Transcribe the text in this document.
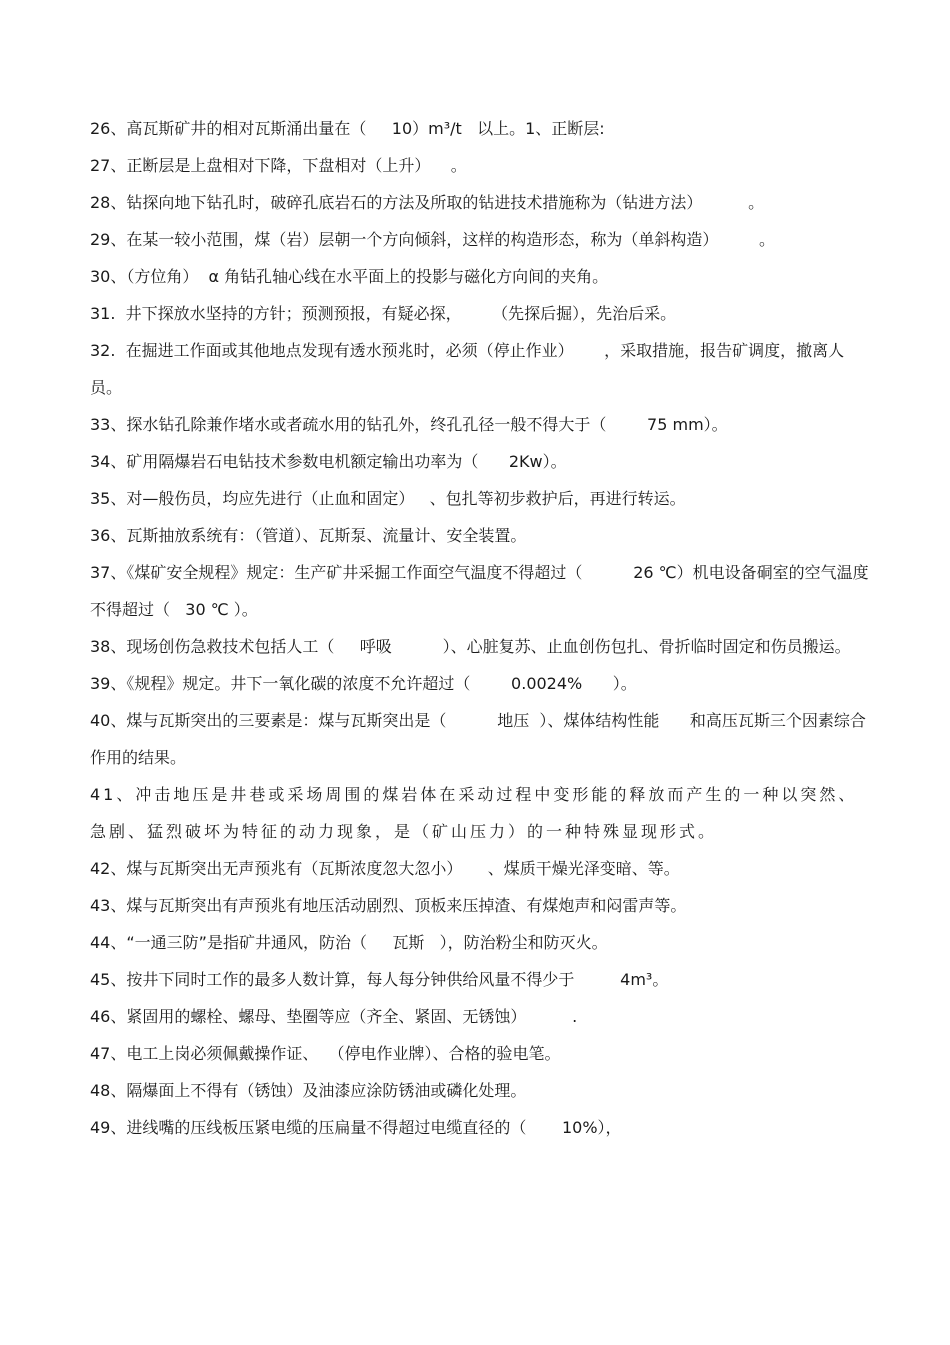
26、高瓦斯矿井的相对瓦斯涌出量在（     10）m³/t   以上。1、正断层:

27、正断层是上盘相对下降，下盘相对（上升）    。

28、钻探向地下钻孔时，破碎孔底岩石的方法及所取的钻进技术措施称为（钻进方法）         。

29、在某一较小范围，煤（岩）层朝一个方向倾斜，这样的构造形态，称为（单斜构造）        。

30、（方位角）  α 角钻孔轴心线在水平面上的投影与磁化方向间的夹角。

31.  井下探放水坚持的方针；预测预报，有疑必探，      （先探后掘），先治后采。

32.  在掘进工作面或其他地点发现有透水预兆时，必须（停止作业）      ，采取措施，报告矿调度，撤离人员。

33、探水钻孔除兼作堵水或者疏水用的钻孔外，终孔孔径一般不得大于（        75 mm）。

34、矿用隔爆岩石电钻技术参数电机额定输出功率为（      2Kw）。

35、对—般伤员，均应先进行（止血和固定）   、包扎等初步救护后，再进行转运。

36、瓦斯抽放系统有：（管道）、瓦斯泵、流量计、安全装置。

37、《煤矿安全规程》规定：生产矿井采掘工作面空气温度不得超过（          26 ℃）机电设备硐室的空气温度不得超过（   30 ℃ ）。

38、现场创伤急救技术包括人工（     呼吸          ）、心脏复苏、止血创伤包扎、骨折临时固定和伤员搬运。

39、《规程》规定。井下一氧化碳的浓度不允许超过（        0.0024%      ）。

40、煤与瓦斯突出的三要素是：煤与瓦斯突出是（          地压  ）、煤体结构性能      和高压瓦斯三个因素综合作用的结果。

41、冲击地压是井巷或采场周围的煤岩体在采动过程中变形能的释放而产生的一种以突然、急剧、猛烈破坏为特征的动力现象，是（矿山压力）的一种特殊显现形式。

42、煤与瓦斯突出无声预兆有（瓦斯浓度忽大忽小）     、煤质干燥光泽变暗、等。

43、煤与瓦斯突出有声预兆有地压活动剧烈、顶板来压掉渣、有煤炮声和闷雷声等。

44、“一通三防”是指矿井通风，防治（     瓦斯   ），防治粉尘和防灭火。

45、按井下同时工作的最多人数计算，每人每分钟供给风量不得少于         4m³。

46、紧固用的螺栓、螺母、垫圈等应（齐全、紧固、无锈蚀）         .

47、电工上岗必须佩戴操作证、  （停电作业牌）、合格的验电笔。

48、隔爆面上不得有（锈蚀）及油漆应涂防锈油或磷化处理。

49、进线嘴的压线板压紧电缆的压扁量不得超过电缆直径的（       10%），
